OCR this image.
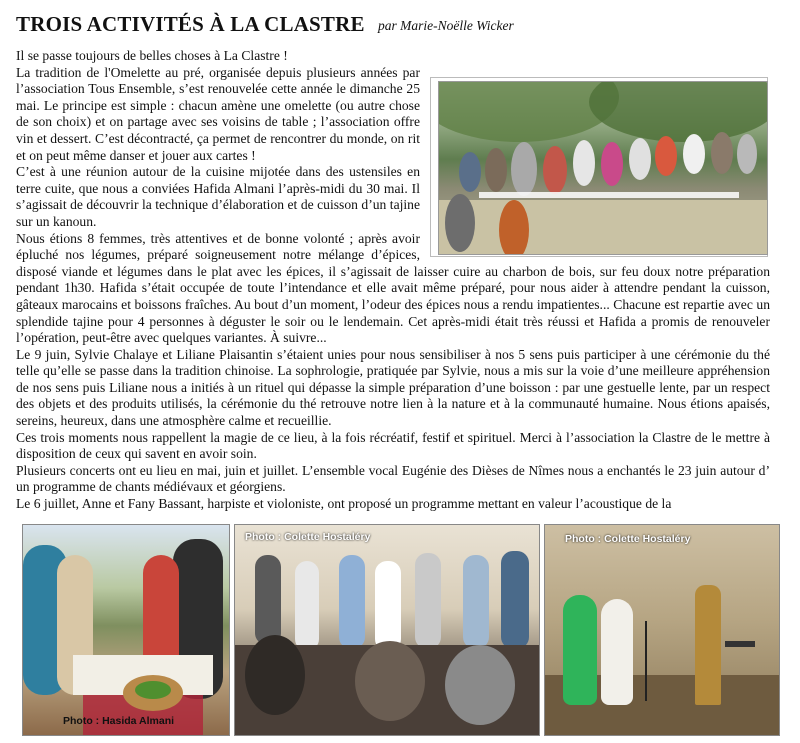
TROIS ACTIVITÉS À LA CLASTRE par Marie-Noëlle Wicker

Il se passe toujours de belles choses à La Clastre !

La tradition de l'Omelette au pré, organisée depuis plusieurs années par l’association Tous Ensemble, s’est renouvelée cette année le dimanche 25 mai. Le principe est simple : chacun amène une omelette (ou autre chose de son choix) et on partage avec ses voisins de table ; l’association offre vin et dessert. C’est décontracté, ça permet de rencontrer du monde, on rit et on peut même danser et jouer aux cartes !

C’est à une réunion autour de la cuisine mijotée dans des ustensiles en terre cuite, que nous a conviées Hafida Almani l’après-midi du 30 mai. Il s’agissait de découvrir la technique d’élaboration et de cuisson d’un tajine sur un kanoun.

Nous étions 8 femmes, très attentives et de bonne volonté ; après avoir épluché nos légumes, préparé soigneusement notre mélange d’épices, disposé viande et légumes dans le plat avec les épices, il s’agissait de laisser cuire au charbon de bois, sur feu doux notre préparation pendant 1h30. Hafida s’était occupée de toute l’intendance et elle avait même préparé, pour nous aider à attendre pendant la cuisson, gâteaux marocains et boissons fraîches. Au bout d’un moment, l’odeur des épices nous a rendu impatientes... Chacune est repartie avec un splendide tajine pour 4 personnes à déguster le soir ou le lendemain. Cet après-midi était très réussi et Hafida a promis de renouveler l’opération, peut-être avec quelques variantes. À suivre...

Le 9 juin, Sylvie Chalaye et Liliane Plaisantin s’étaient unies pour nous sensibiliser à nos 5 sens puis participer à une cérémonie du thé telle qu’elle se passe dans la tradition chinoise. La sophrologie, pratiquée par Sylvie, nous a mis sur la voie d’une meilleure appréhension de nos sens puis Liliane nous a initiés à un rituel qui dépasse la simple préparation d’une boisson : par une gestuelle lente, par un respect des objets et des produits utilisés, la cérémonie du thé retrouve notre lien à la nature et à la communauté humaine. Nous étions apaisés, sereins, heureux, dans une atmosphère calme et recueillie.

Ces trois moments nous rappellent la magie de ce lieu, à la fois récréatif, festif et spirituel. Merci à l’association la Clastre de le mettre à disposition de ceux qui savent en avoir soin.

Plusieurs concerts ont eu lieu en mai, juin et juillet. L’ensemble vocal Eugénie des Dièses de Nîmes nous a enchantés le 23 juin autour d’ un programme de chants médiévaux et géorgiens.

Le 6 juillet, Anne et Fany Bassant, harpiste et violoniste, ont proposé un programme mettant en valeur l’acoustique de la

Photo : Hasida Almani
Photo : Colette Hostaléry	Photo : Colette Hostaléry
